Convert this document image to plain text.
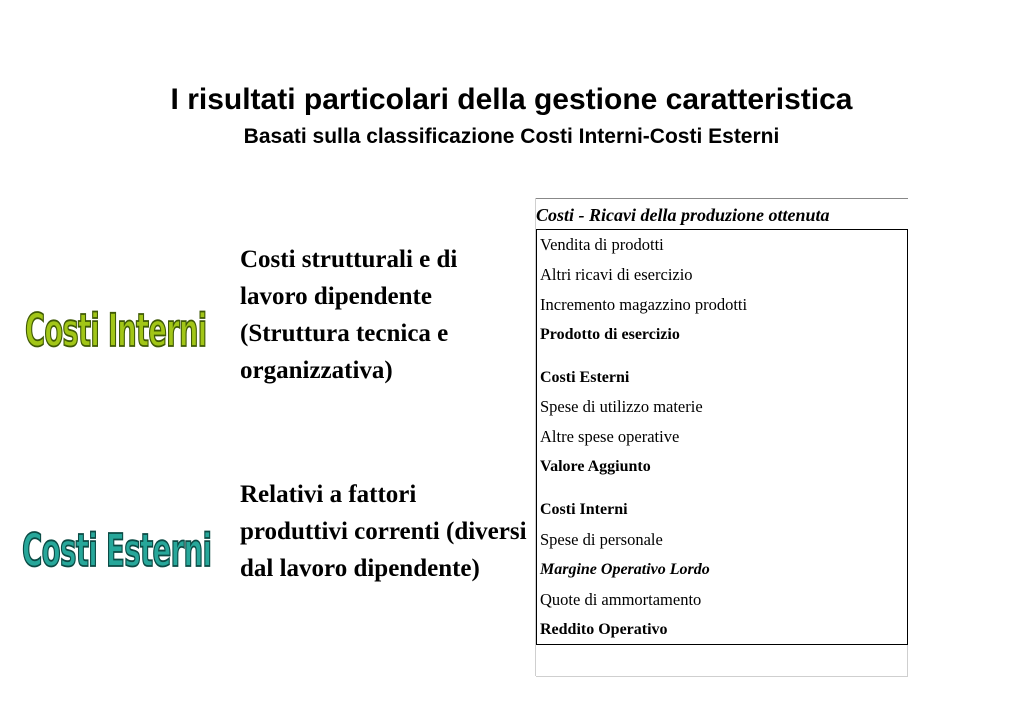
I risultati particolari della gestione caratteristica
Basati sulla classificazione Costi Interni-Costi Esterni
Costi Interni
Costi Esterni

Costi strutturali e di lavoro dipendente (Struttura tecnica e organizzativa)

Relativi a fattori produttivi correnti (diversi dal lavoro dipendente)

Costi - Ricavi della produzione ottenuta

Vendita di prodotti

Altri ricavi di esercizio

Incremento magazzino prodotti

Prodotto di esercizio

Costi Esterni

Spese di utilizzo materie

Altre spese operative

Valore Aggiunto

Costi Interni

Spese di personale

Margine Operativo Lordo

Quote di ammortamento

Reddito Operativo
